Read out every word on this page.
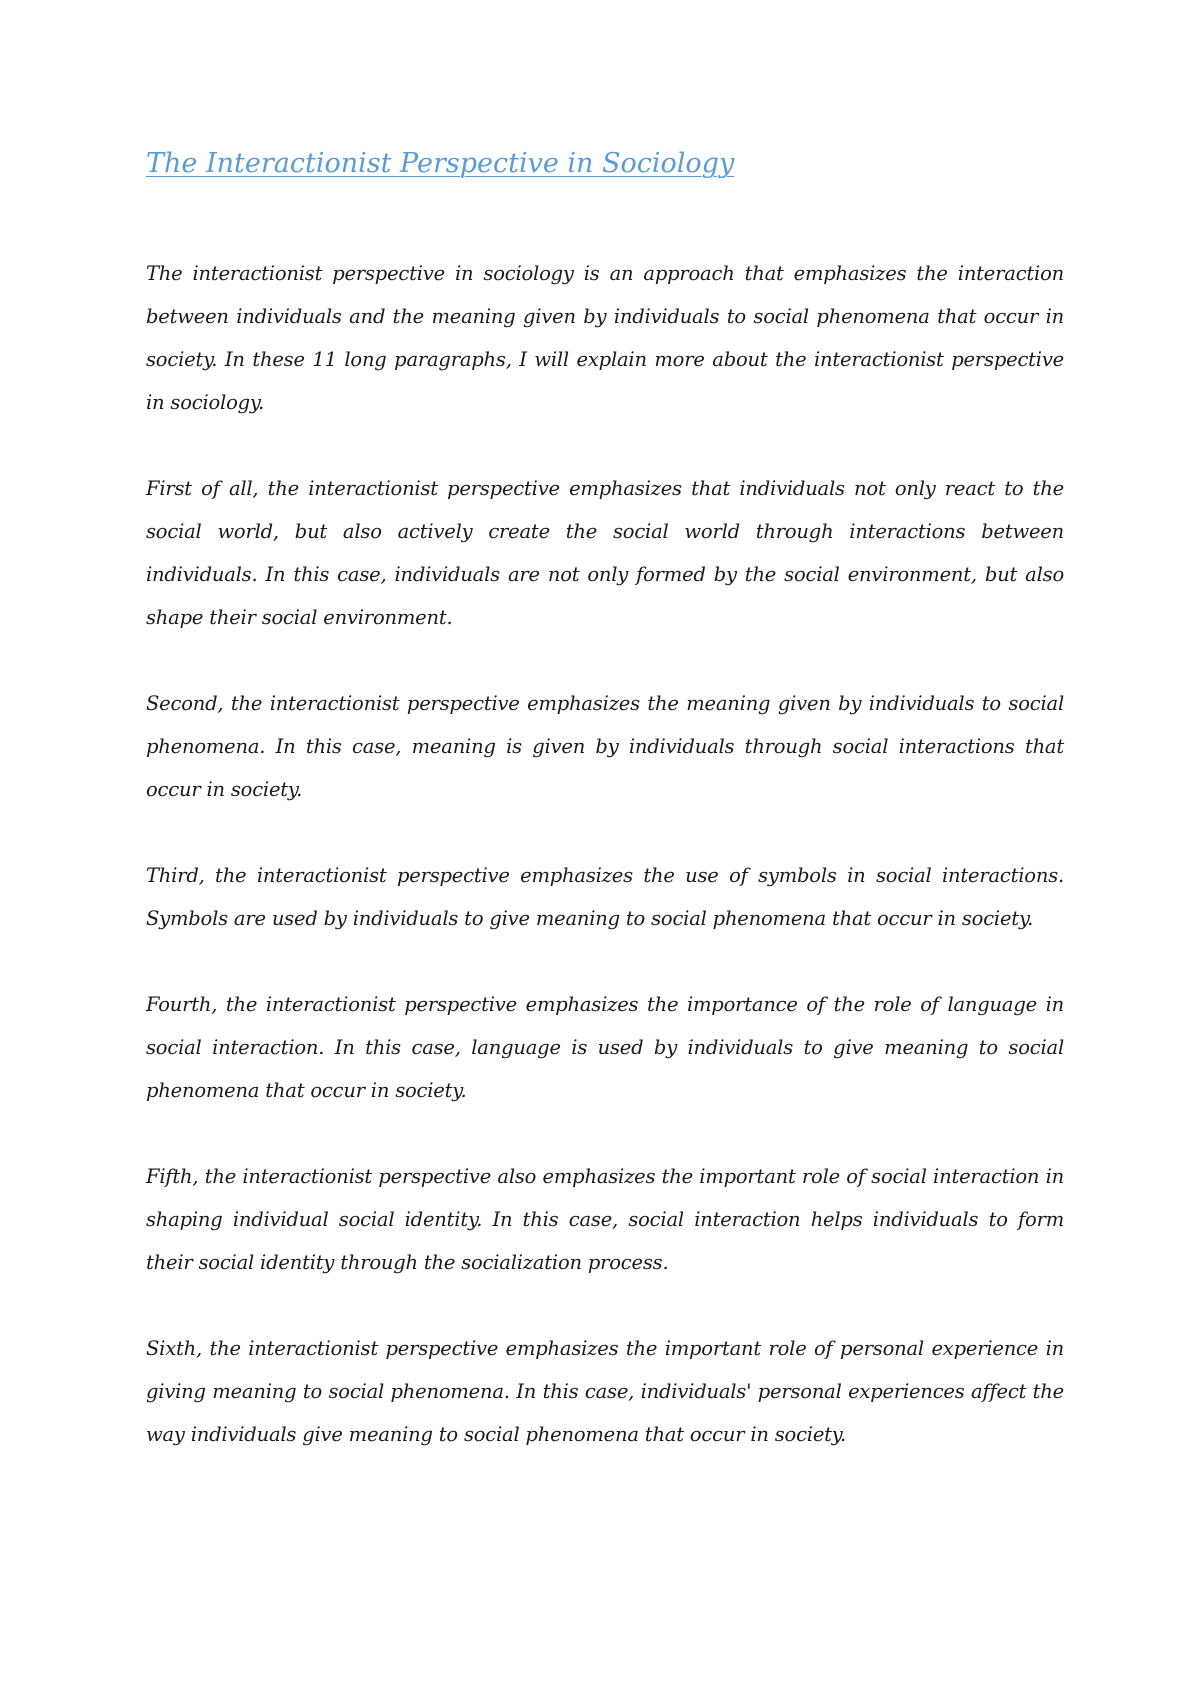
The Interactionist Perspective in Sociology

The interactionist perspective in sociology is an approach that emphasizes the interaction between individuals and the meaning given by individuals to social phenomena that occur in society. In these 11 long paragraphs, I will explain more about the interactionist perspective in sociology.

First of all, the interactionist perspective emphasizes that individuals not only react to the social world, but also actively create the social world through interactions between individuals. In this case, individuals are not only formed by the social environment, but also shape their social environment.

Second, the interactionist perspective emphasizes the meaning given by individuals to social phenomena. In this case, meaning is given by individuals through social interactions that occur in society.

Third, the interactionist perspective emphasizes the use of symbols in social interactions. Symbols are used by individuals to give meaning to social phenomena that occur in society.

Fourth, the interactionist perspective emphasizes the importance of the role of language in social interaction. In this case, language is used by individuals to give meaning to social phenomena that occur in society.

Fifth, the interactionist perspective also emphasizes the important role of social interaction in shaping individual social identity. In this case, social interaction helps individuals to form their social identity through the socialization process.

Sixth, the interactionist perspective emphasizes the important role of personal experience in giving meaning to social phenomena. In this case, individuals' personal experiences affect the way individuals give meaning to social phenomena that occur in society.
